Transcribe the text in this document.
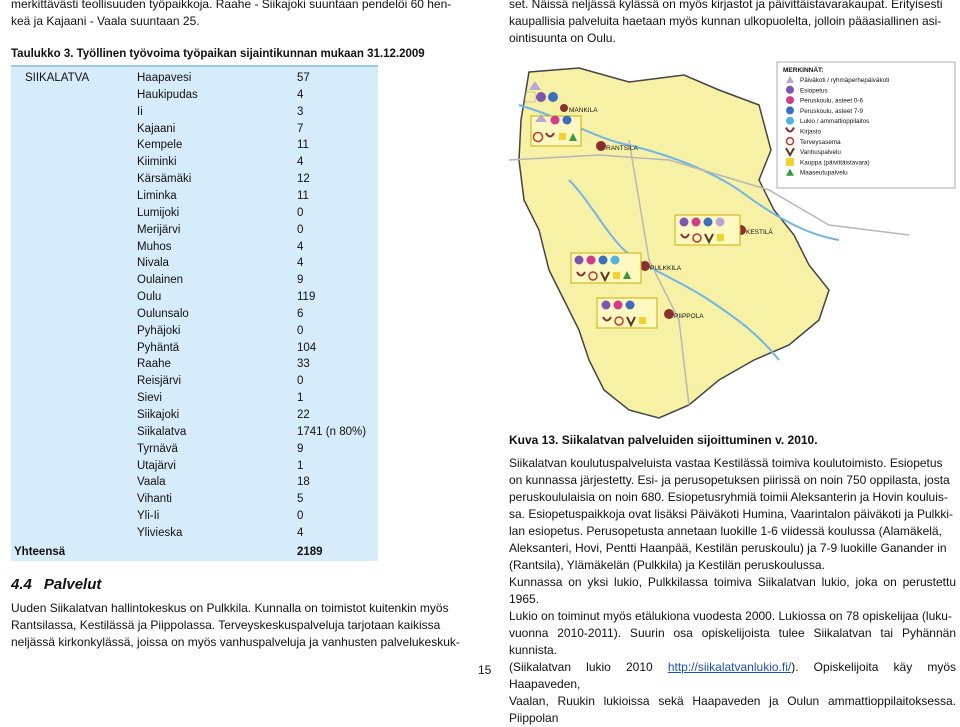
merkittävästi teollisuuden työpaikkoja. Raahe - Siikajoki suuntaan pendelöi 60 hen-

keä ja Kajaani - Vaala suuntaan 25.

Taulukko 3. Työllinen työvoima työpaikan sijaintikunnan mukaan 31.12.2009
SIIKALATVA	Haapavesi	57
Haukipudas	4
Ii	3
Kajaani	7
Kempele	11
Kiiminki	4
Kärsämäki	12
Liminka	11
Lumijoki	0
Merijärvi	0
Muhos	4
Nivala	4
Oulainen	9
Oulu	119
Oulunsalo	6
Pyhäjoki	0
Pyhäntä	104
Raahe	33
Reisjärvi	0
Sievi	1
Siikajoki	22
Siikalatva	1741 (n 80%)
Tyrnävä	9
Utajärvi	1
Vaala	18
Vihanti	5
Yli-Ii	0
Ylivieska	4
Yhteensä	2189
4.4 Palvelut

Uuden Siikalatvan hallintokeskus on Pulkkila. Kunnalla on toimistot kuitenkin myös

Rantsilassa, Kestilässä ja Piippolassa. Terveyskeskuspalveluja tarjotaan kaikissa

neljässä kirkonkylässä, joissa on myös vanhuspalveluja ja vanhusten palvelukeskuk-

set. Näissä neljässä kylässä on myös kirjastot ja päivittäistavarakaupat. Erityisesti

kaupallisia palveluita haetaan myös kunnan ulkopuolelta, jolloin pääasiallinen asi-

ointisuunta on Oulu.

MANKILA
RANTSILA
KESTILÄ
PULKKILA
PIIPPOLA
MERKINNÄT:
Päiväkoti / ryhmäperhepäiväkoti
Esiopetus
Peruskoulu, asteet 0-6
Peruskoulu, asteet 7-9
Lukio / ammattioppilaitos
Kirjasto
Terveysasema
Vanhuspalvelu
Kauppa (päivittäistavara)
Maaseutupalvelu
Kuva 13. Siikalatvan palveluiden sijoittuminen v. 2010.

Siikalatvan koulutuspalveluista vastaa Kestilässä toimiva koulutoimisto. Esiopetus

on kunnassa järjestetty. Esi- ja perusopetuksen piirissä on noin 750 oppilasta, josta

peruskoululaisia on noin 680. Esiopetusryhmiä toimii Aleksanterin ja Hovin kouluis-

sa. Esiopetuspaikkoja ovat lisäksi Päiväkoti Humina, Vaarintalon päiväkoti ja Pulkki-

lan esiopetus. Perusopetusta annetaan luokille 1-6 viidessä koulussa (Alamäkelä,

Aleksanteri, Hovi, Pentti Haanpää, Kestilän peruskoulu) ja 7-9 luokille Ganander in

(Rantsila), Ylämäkelän (Pulkkila) ja Kestilän peruskoulussa.

Kunnassa on yksi lukio, Pulkkilassa toimiva Siikalatvan lukio, joka on perustettu 1965.

Lukio on toiminut myös etälukiona vuodesta 2000. Lukiossa on 78 opiskelijaa (luku-

vuonna 2010-2011). Suurin osa opiskelijoista tulee Siikalatvan tai Pyhännän kunnista.

(Siikalatvan lukio 2010 http://siikalatvanlukio.fi/). Opiskelijoita käy myös Haapaveden,

Vaalan, Ruukin lukioissa sekä Haapaveden ja Oulun ammattioppilaitoksessa. Piippolan

15
